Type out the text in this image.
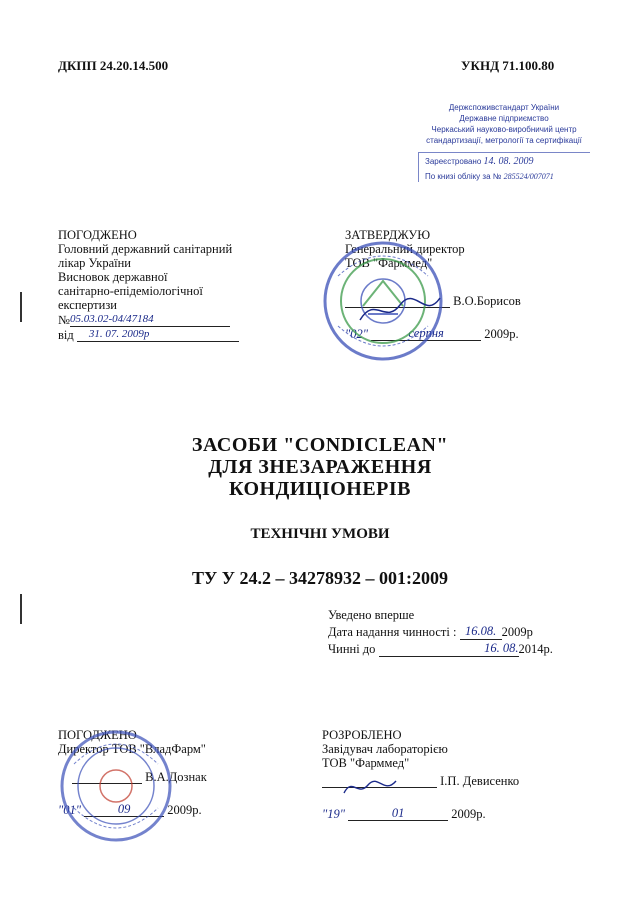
ДКПП 24.20.14.500	УКНД 71.100.80
Держспоживстандарт України
Державне підприємство
Черкаський науково-виробничий центр
стандартизації, метрології та сертифікації
Зареєстровано 14. 08. 2009
По книзі обліку за № 285524/007071
ПОГОДЖЕНО
Головний державний санітарний
лікар України
Висновок державної
санітарно-епідеміологічної
експертизи
№05.03.02-04/47184
від 31. 07. 2009р
ЗАТВЕРДЖУЮ
Генеральний директор
ТОВ "Фарммед"
В.О.Борисов
"02"	серпня	2009р.
ЗАСОБИ "CONDICLEAN"
ДЛЯ ЗНЕЗАРАЖЕННЯ
КОНДИЦІОНЕРІВ
ТЕХНІЧНІ УМОВИ
ТУ У 24.2 – 34278932 – 001:2009
Уведено вперше
Дата надання чинності : 16.08. 2009р
Чинні до	16. 08.2014р.
ПОГОДЖЕНО
Директор ТОВ "ВладФарм"
В.А.Дознак
"01"	09	2009р.
РОЗРОБЛЕНО
Завідувач лабораторією
ТОВ "Фарммед"
І.П. Девисенко
"19"	01	2009р.
